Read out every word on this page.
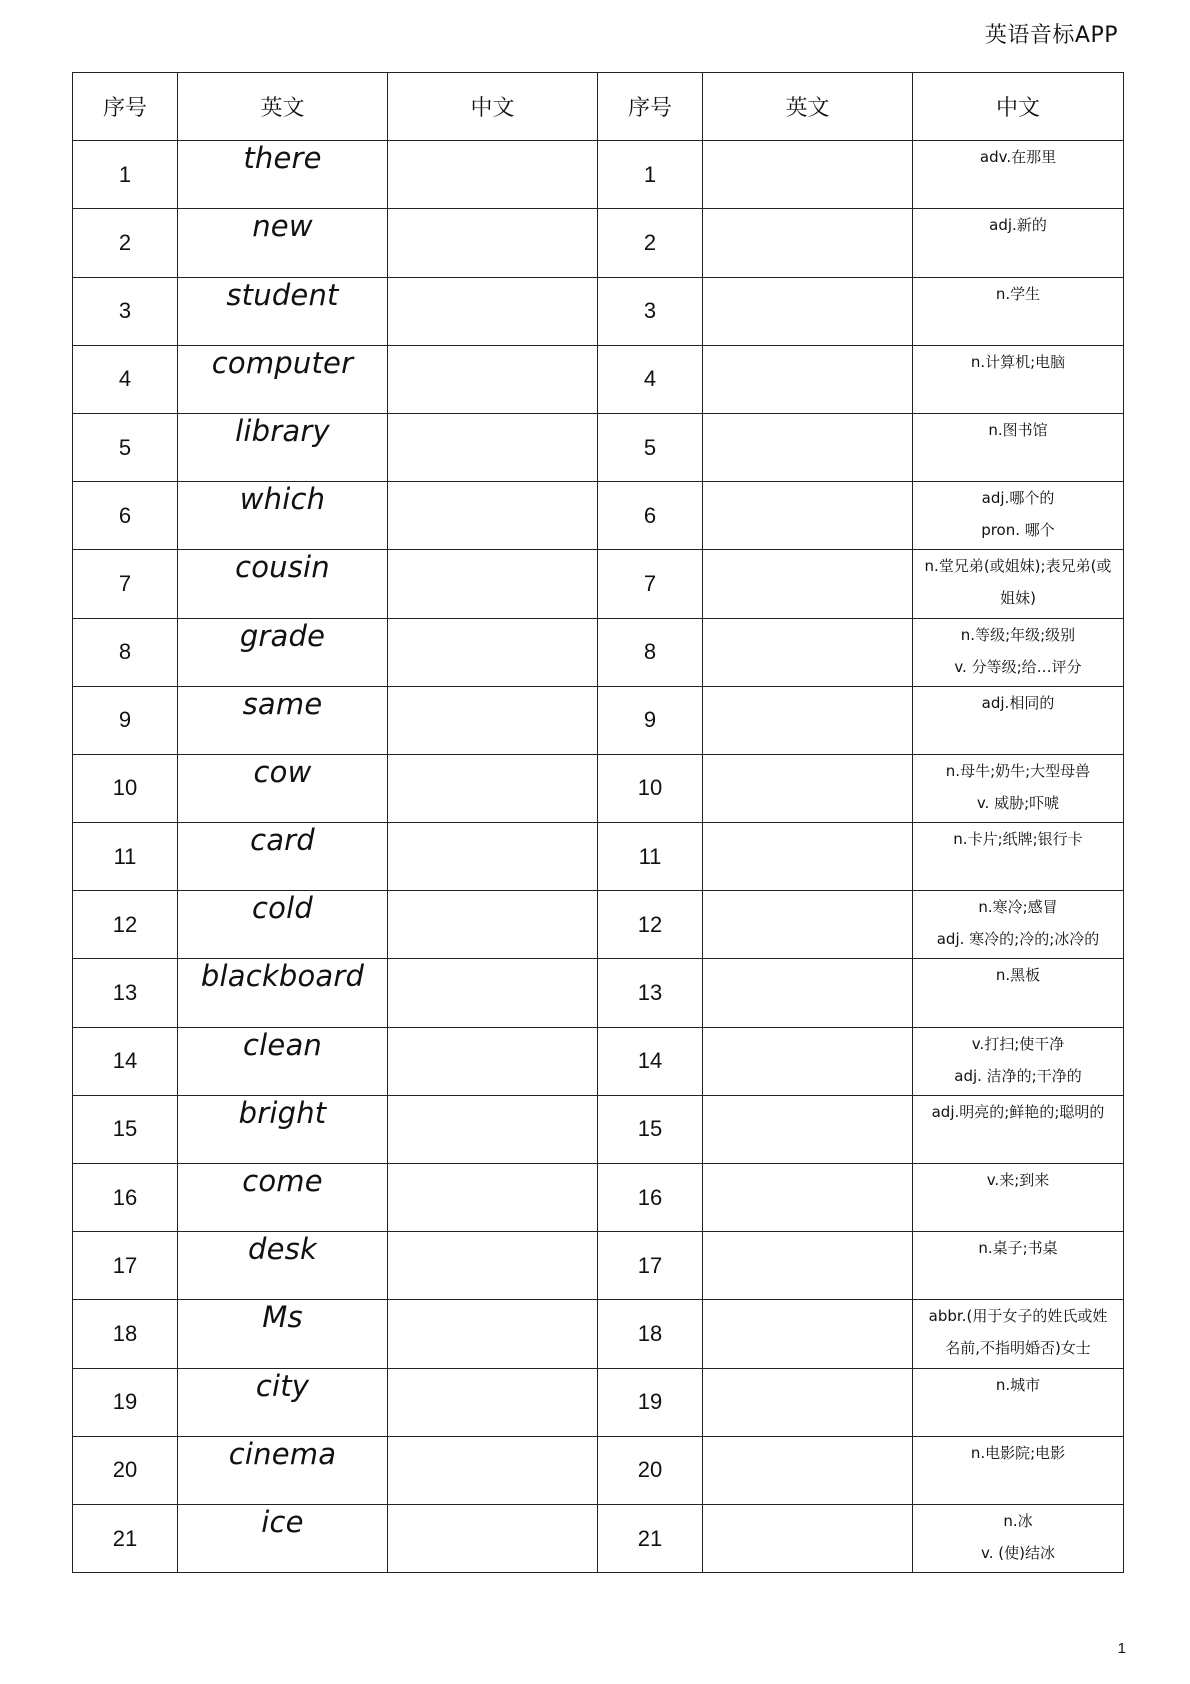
英语音标APP
序号	英文	中文	序号	英文	中文
1	there		1		adv.在那里

2	new		2		adj.新的

3	student		3		n.学生

4	computer		4		n.计算机;电脑

5	library		5		n.图书馆

6	which		6		adj.哪个的
pron. 哪个

7	cousin		7		n.堂兄弟(或姐妹);表兄弟(或
姐妹)

8	grade		8		n.等级;年级;级别
v. 分等级;给…评分

9	same		9		adj.相同的

10	cow		10		n.母牛;奶牛;大型母兽
v. 威胁;吓唬

11	card		11		n.卡片;纸牌;银行卡

12	cold		12		n.寒冷;感冒
adj. 寒冷的;冷的;冰冷的

13	blackboard		13		n.黑板

14	clean		14		v.打扫;使干净
adj. 洁净的;干净的

15	bright		15		adj.明亮的;鲜艳的;聪明的

16	come		16		v.来;到来

17	desk		17		n.桌子;书桌

18	Ms		18		abbr.(用于女子的姓氏或姓
名前,不指明婚否)女士

19	city		19		n.城市

20	cinema		20		n.电影院;电影

21	ice		21		n.冰
v. (使)结冰
1
